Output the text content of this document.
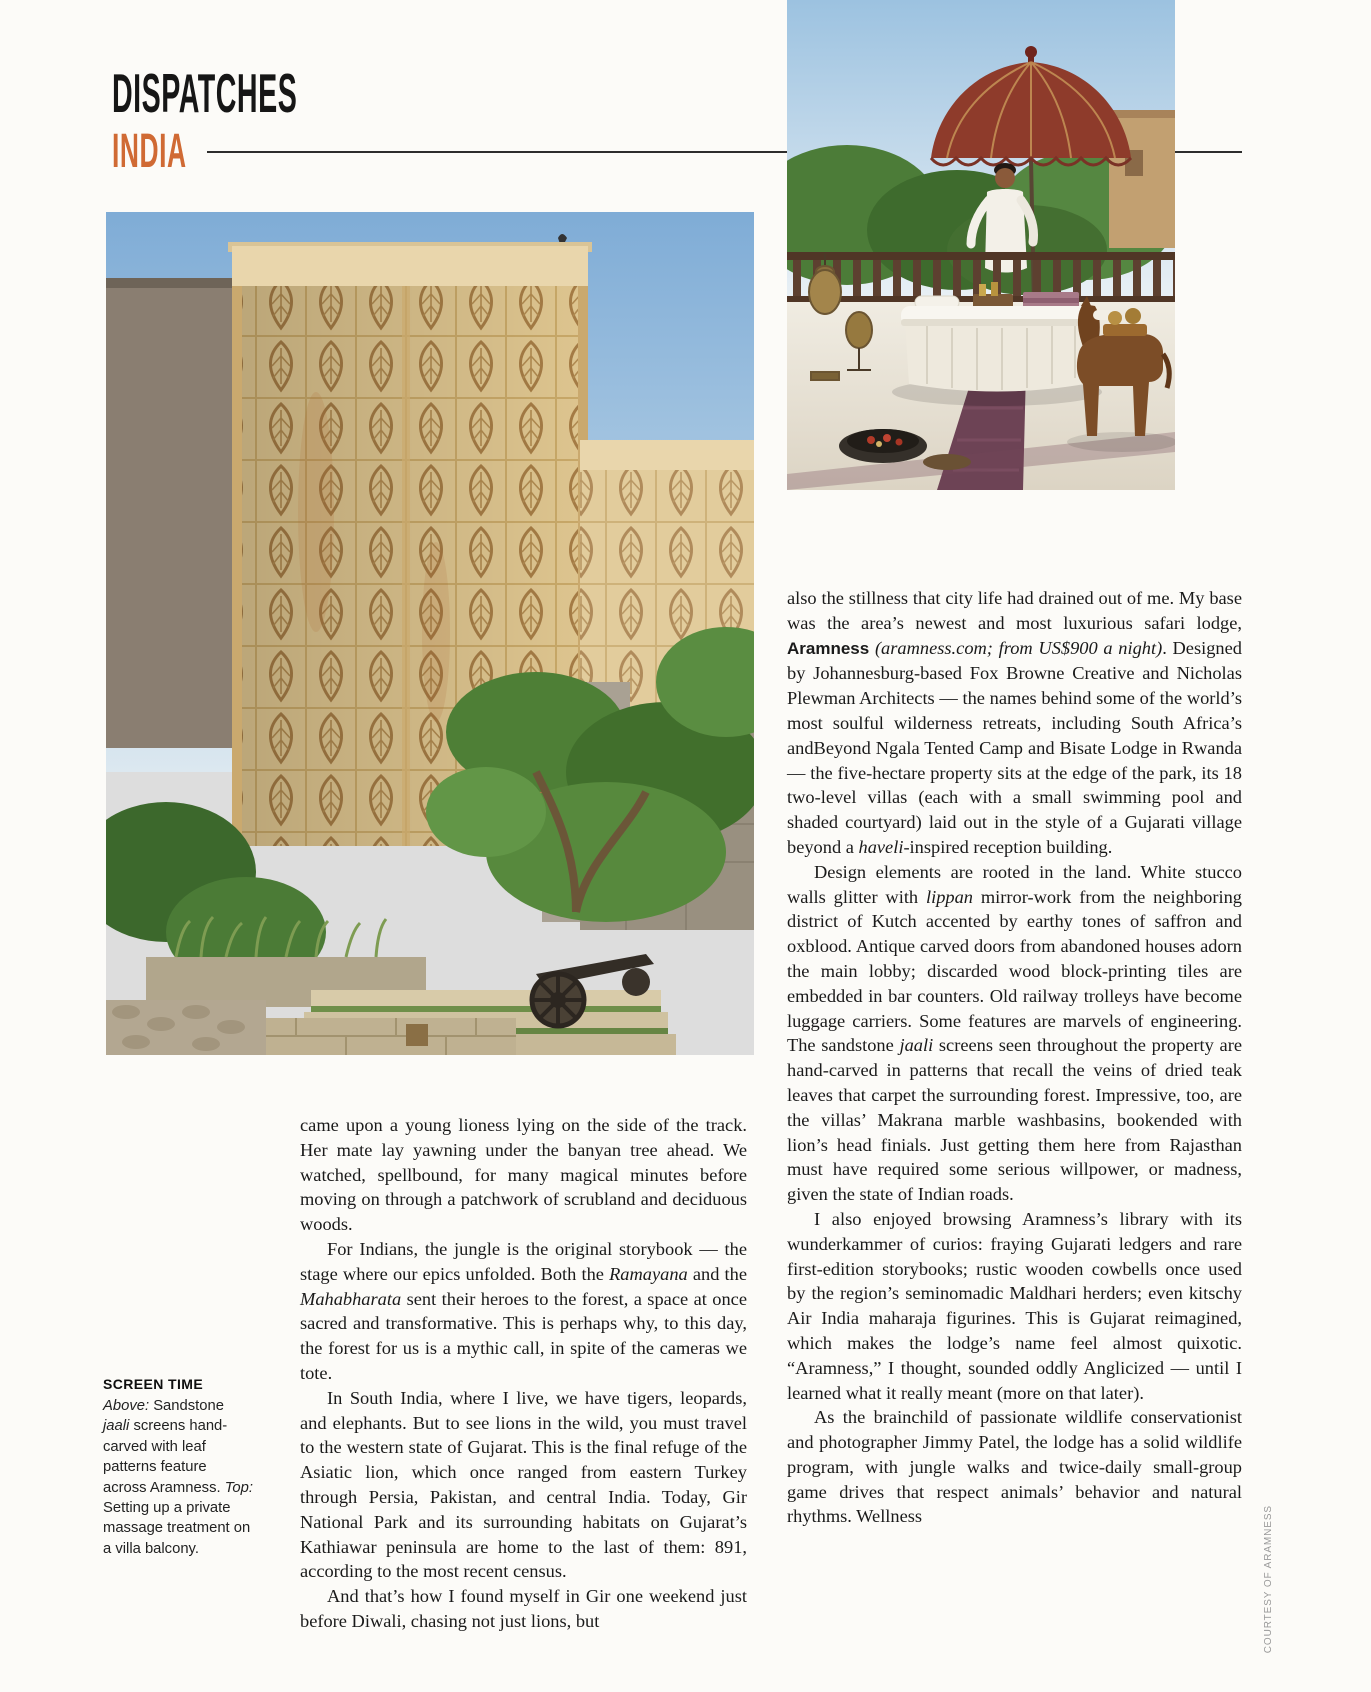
DISPATCHES
INDIA
SCREEN TIME
Above: Sandstone jaali screens hand-carved with leaf patterns feature across Aramness. Top: Setting up a private massage treatment on a villa balcony.

came upon a young lioness lying on the side of the track. Her mate lay yawning under the banyan tree ahead. We watched, spellbound, for many magical minutes before moving on through a patchwork of scrubland and deciduous woods.

For Indians, the jungle is the original storybook — the stage where our epics unfolded. Both the Ramayana and the Mahabharata sent their heroes to the forest, a space at once sacred and transformative. This is perhaps why, to this day, the forest for us is a mythic call, in spite of the cameras we tote.

In South India, where I live, we have tigers, leopards, and elephants. But to see lions in the wild, you must travel to the western state of Gujarat. This is the final refuge of the Asiatic lion, which once ranged from eastern Turkey through Persia, Pakistan, and central India. Today, Gir National Park and its surrounding habitats on Gujarat’s Kathiawar peninsula are home to the last of them: 891, according to the most recent census.

And that’s how I found myself in Gir one weekend just before Diwali, chasing not just lions, but

also the stillness that city life had drained out of me. My base was the area’s newest and most luxurious safari lodge, Aramness (aramness.com; from US$900 a night). Designed by Johannesburg-based Fox Browne Creative and Nicholas Plewman Architects — the names behind some of the world’s most soulful wilderness retreats, including South Africa’s andBeyond Ngala Tented Camp and Bisate Lodge in Rwanda — the five-hectare property sits at the edge of the park, its 18 two-level villas (each with a small swimming pool and shaded courtyard) laid out in the style of a Gujarati village beyond a haveli-inspired reception building.

Design elements are rooted in the land. White stucco walls glitter with lippan mirror-work from the neighboring district of Kutch accented by earthy tones of saffron and oxblood. Antique carved doors from abandoned houses adorn the main lobby; discarded wood block-printing tiles are embedded in bar counters. Old railway trolleys have become luggage carriers. Some features are marvels of engineering. The sandstone jaali screens seen throughout the property are hand-carved in patterns that recall the veins of dried teak leaves that carpet the surrounding forest. Impressive, too, are the villas’ Makrana marble washbasins, bookended with lion’s head finials. Just getting them here from Rajasthan must have required some serious willpower, or madness, given the state of Indian roads.

I also enjoyed browsing Aramness’s library with its wunderkammer of curios: fraying Gujarati ledgers and rare first-edition storybooks; rustic wooden cowbells once used by the region’s seminomadic Maldhari herders; even kitschy Air India maharaja figurines. This is Gujarat reimagined, which makes the lodge’s name feel almost quixotic. “Aramness,” I thought, sounded oddly Anglicized — until I learned what it really meant (more on that later).

As the brainchild of passionate wildlife conservationist and photographer Jimmy Patel, the lodge has a solid wildlife program, with jungle walks and twice-daily small-group game drives that respect animals’ behavior and natural rhythms. Wellness	COURTESY OF ARAMNESS
